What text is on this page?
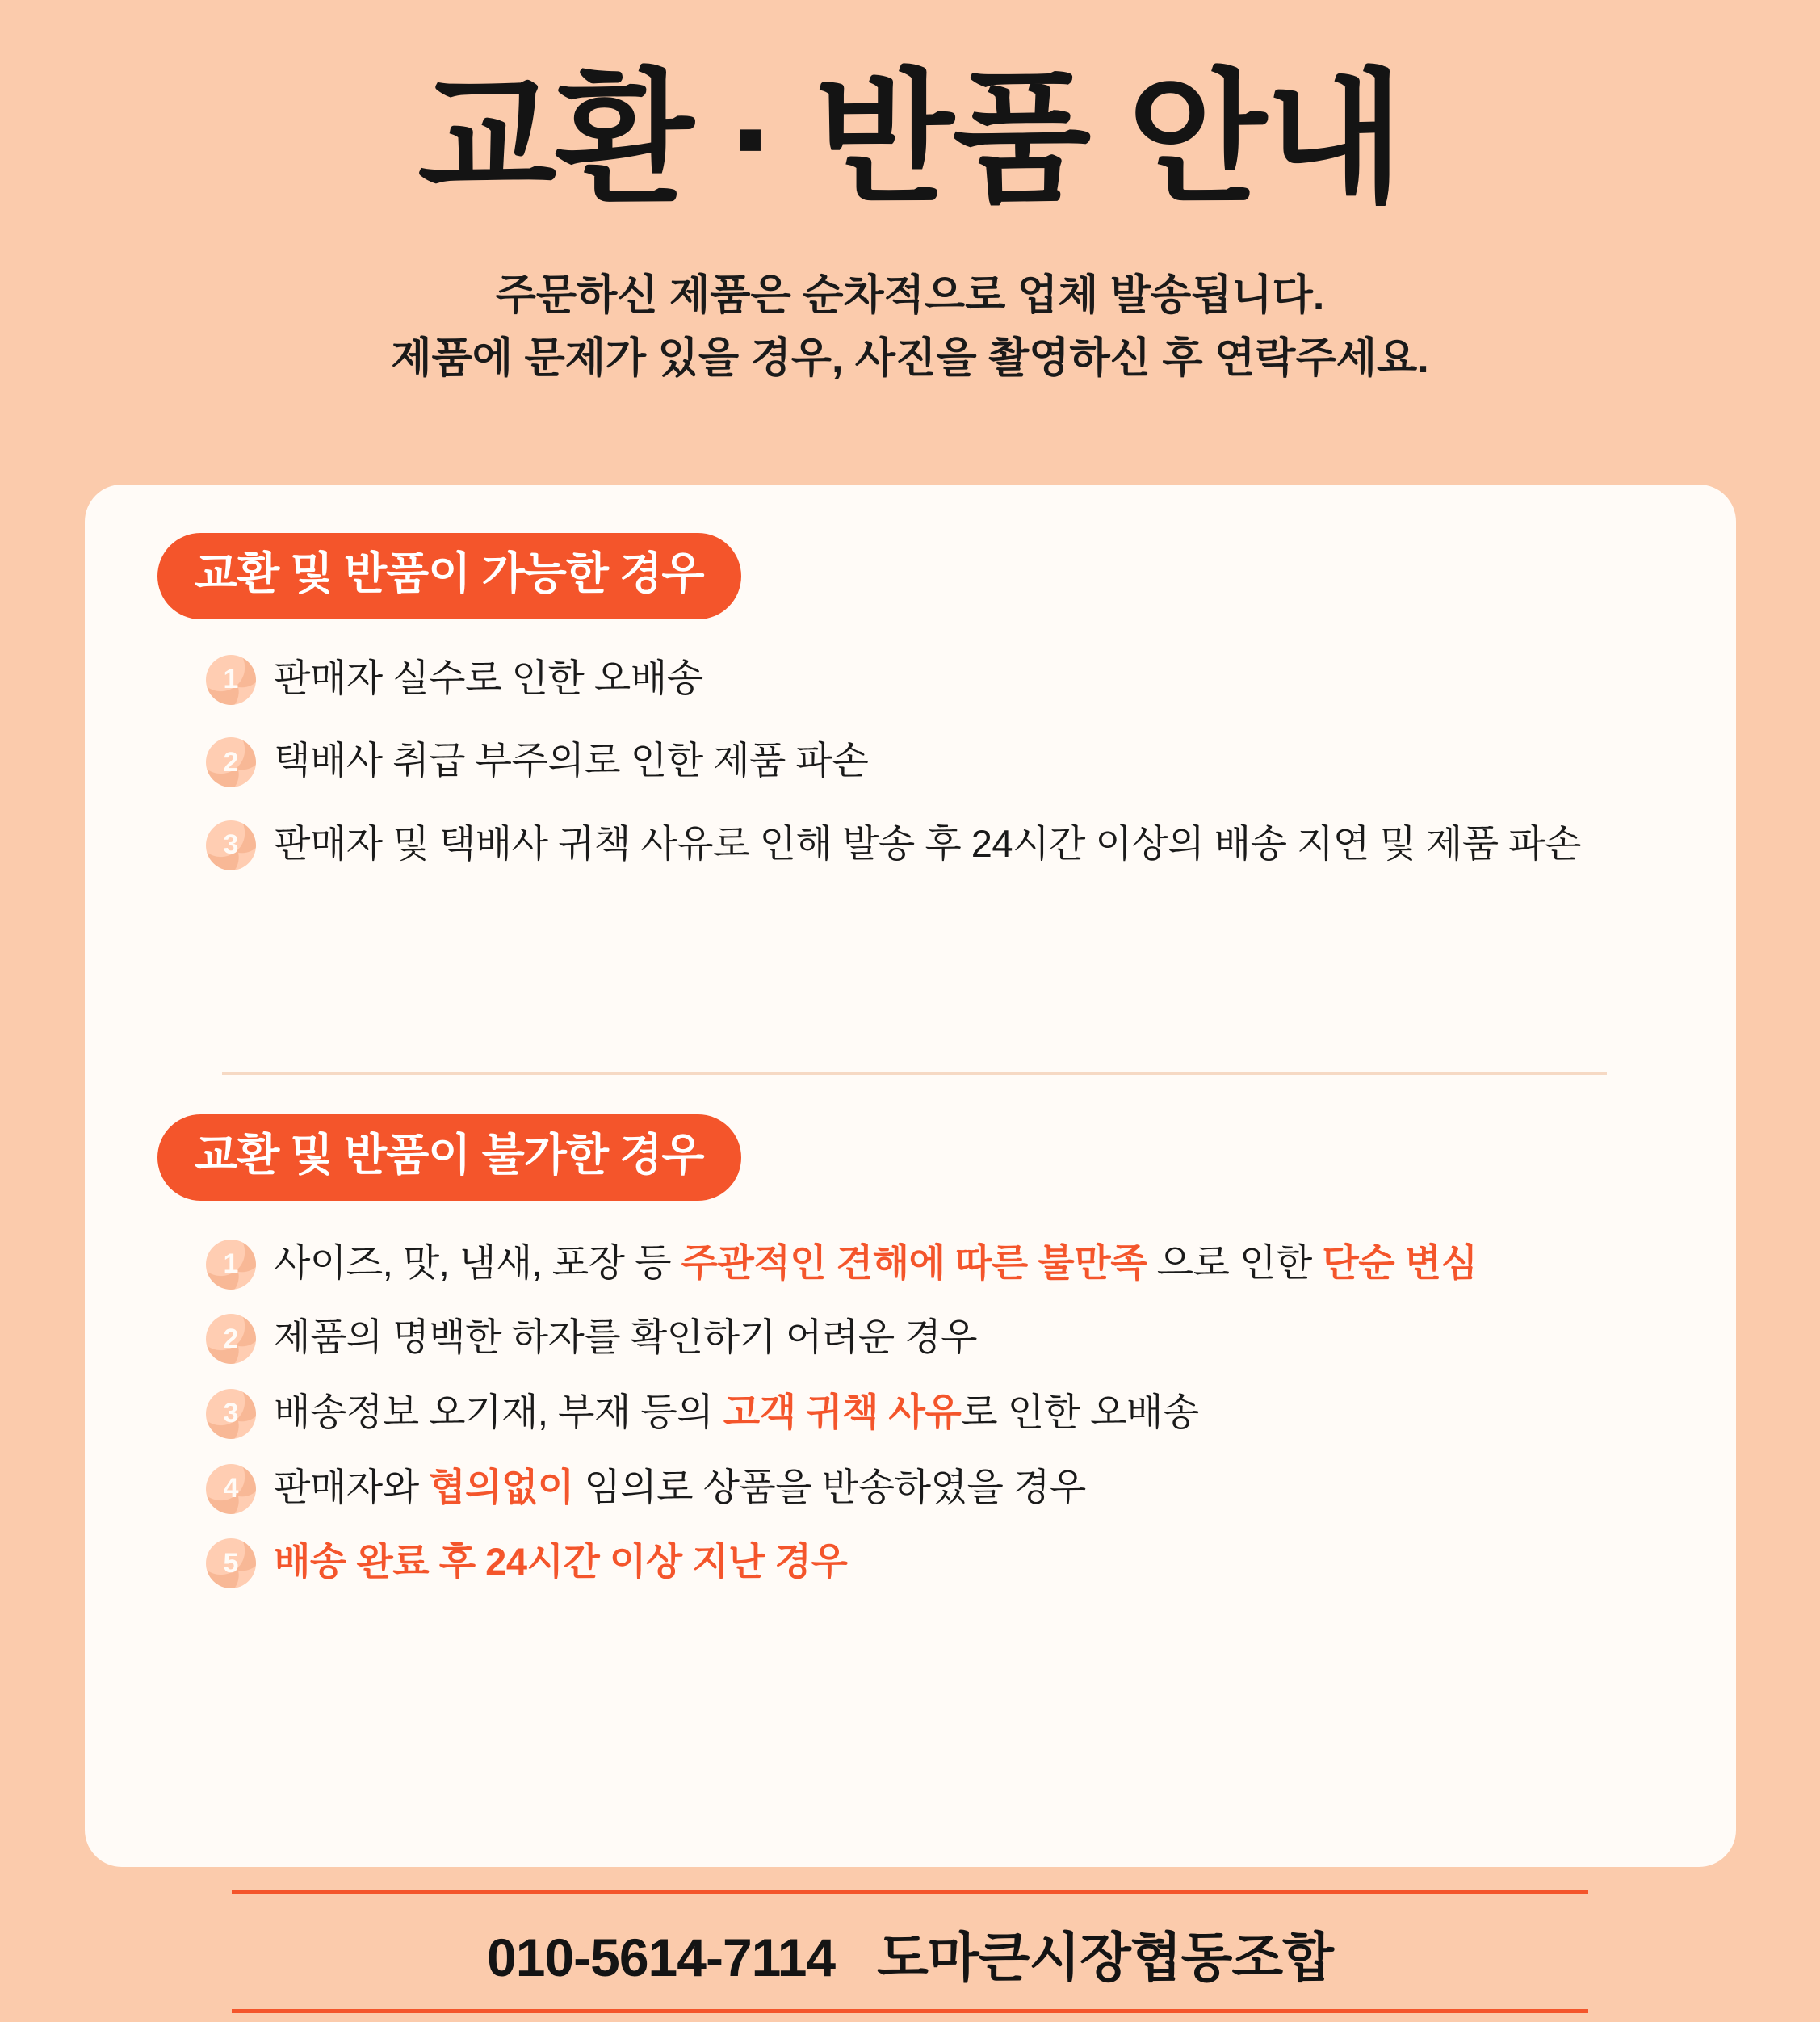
교환 · 반품 안내
주문하신 제품은 순차적으로 업체 발송됩니다.
제품에 문제가 있을 경우, 사진을 촬영하신 후 연락주세요.
교환 및 반품이 가능한 경우
1 판매자 실수로 인한 오배송
2 택배사 취급 부주의로 인한 제품 파손
3 판매자 및 택배사 귀책 사유로 인해 발송 후 24시간 이상의 배송 지연 및 제품 파손
교환 및 반품이 불가한 경우
1 사이즈, 맛, 냄새, 포장 등 주관적인 견해에 따른 불만족 으로 인한 단순 변심
2 제품의 명백한 하자를 확인하기 어려운 경우
3 배송정보 오기재, 부재 등의 고객 귀책 사유로 인한 오배송
4 판매자와 협의없이 임의로 상품을 반송하였을 경우
5 배송 완료 후 24시간 이상 지난 경우
010-5614-7114 도마큰시장협동조합
